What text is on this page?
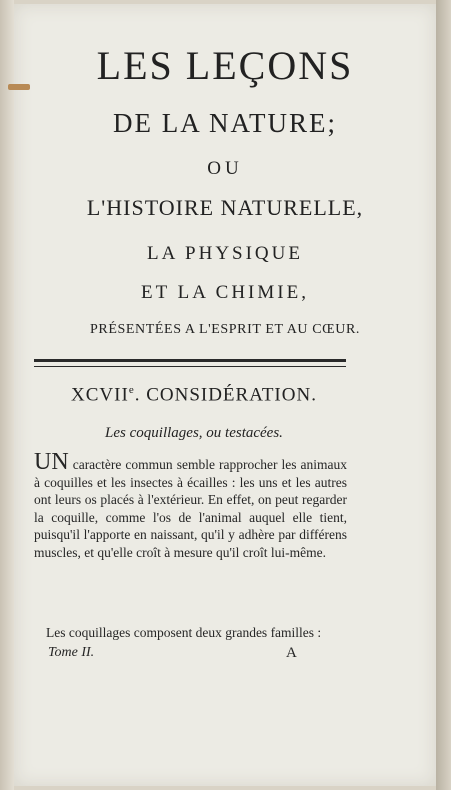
LES LEÇONS
DE LA NATURE;
OU
L'HISTOIRE NATURELLE,
LA PHYSIQUE
ET LA CHIMIE,
PRÉSENTÉES A L'ESPRIT ET AU CŒUR.
XCVIIe. CONSIDÉRATION.
Les coquillages, ou testacées.

UN caractère commun semble rapprocher les animaux à coquilles et les insectes à écailles : les uns et les autres ont leurs os placés à l'extérieur. En effet, on peut regarder la coquille, comme l'os de l'animal auquel elle tient, puisqu'il l'apporte en naissant, qu'il y adhère par différens muscles, et qu'elle croît à mesure qu'il croît lui-même.

Les coquillages composent deux grandes familles :

Tome II.	A
